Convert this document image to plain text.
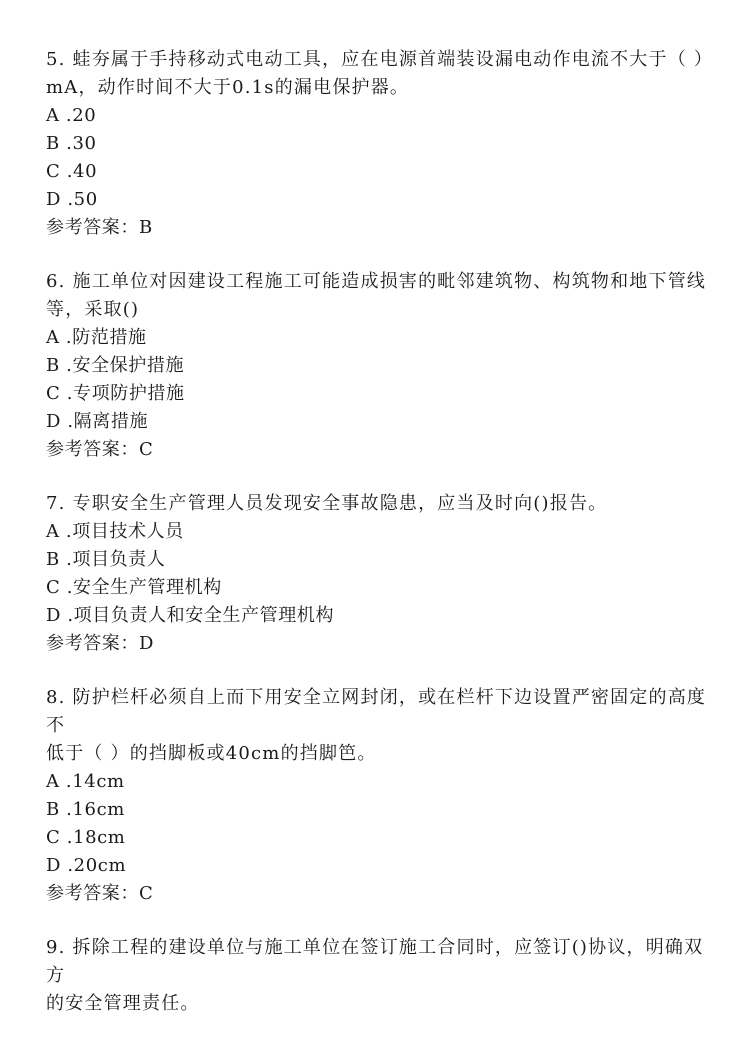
5. 蛙夯属于手持移动式电动工具，应在电源首端装设漏电动作电流不大于（ ）
mA，动作时间不大于0.1s的漏电保护器。
A .20
B .30
C .40
D .50
参考答案：B
6. 施工单位对因建设工程施工可能造成损害的毗邻建筑物、构筑物和地下管线
等，采取()
A .防范措施
B .安全保护措施
C .专项防护措施
D .隔离措施
参考答案：C
7. 专职安全生产管理人员发现安全事故隐患，应当及时向()报告。
A .项目技术人员
B .项目负责人
C .安全生产管理机构
D .项目负责人和安全生产管理机构
参考答案：D
8. 防护栏杆必须自上而下用安全立网封闭，或在栏杆下边设置严密固定的高度不
低于（ ）的挡脚板或40cm的挡脚笆。
A .14cm
B .16cm
C .18cm
D .20cm
参考答案：C
9. 拆除工程的建设单位与施工单位在签订施工合同时，应签订()协议，明确双方
的安全管理责任。
